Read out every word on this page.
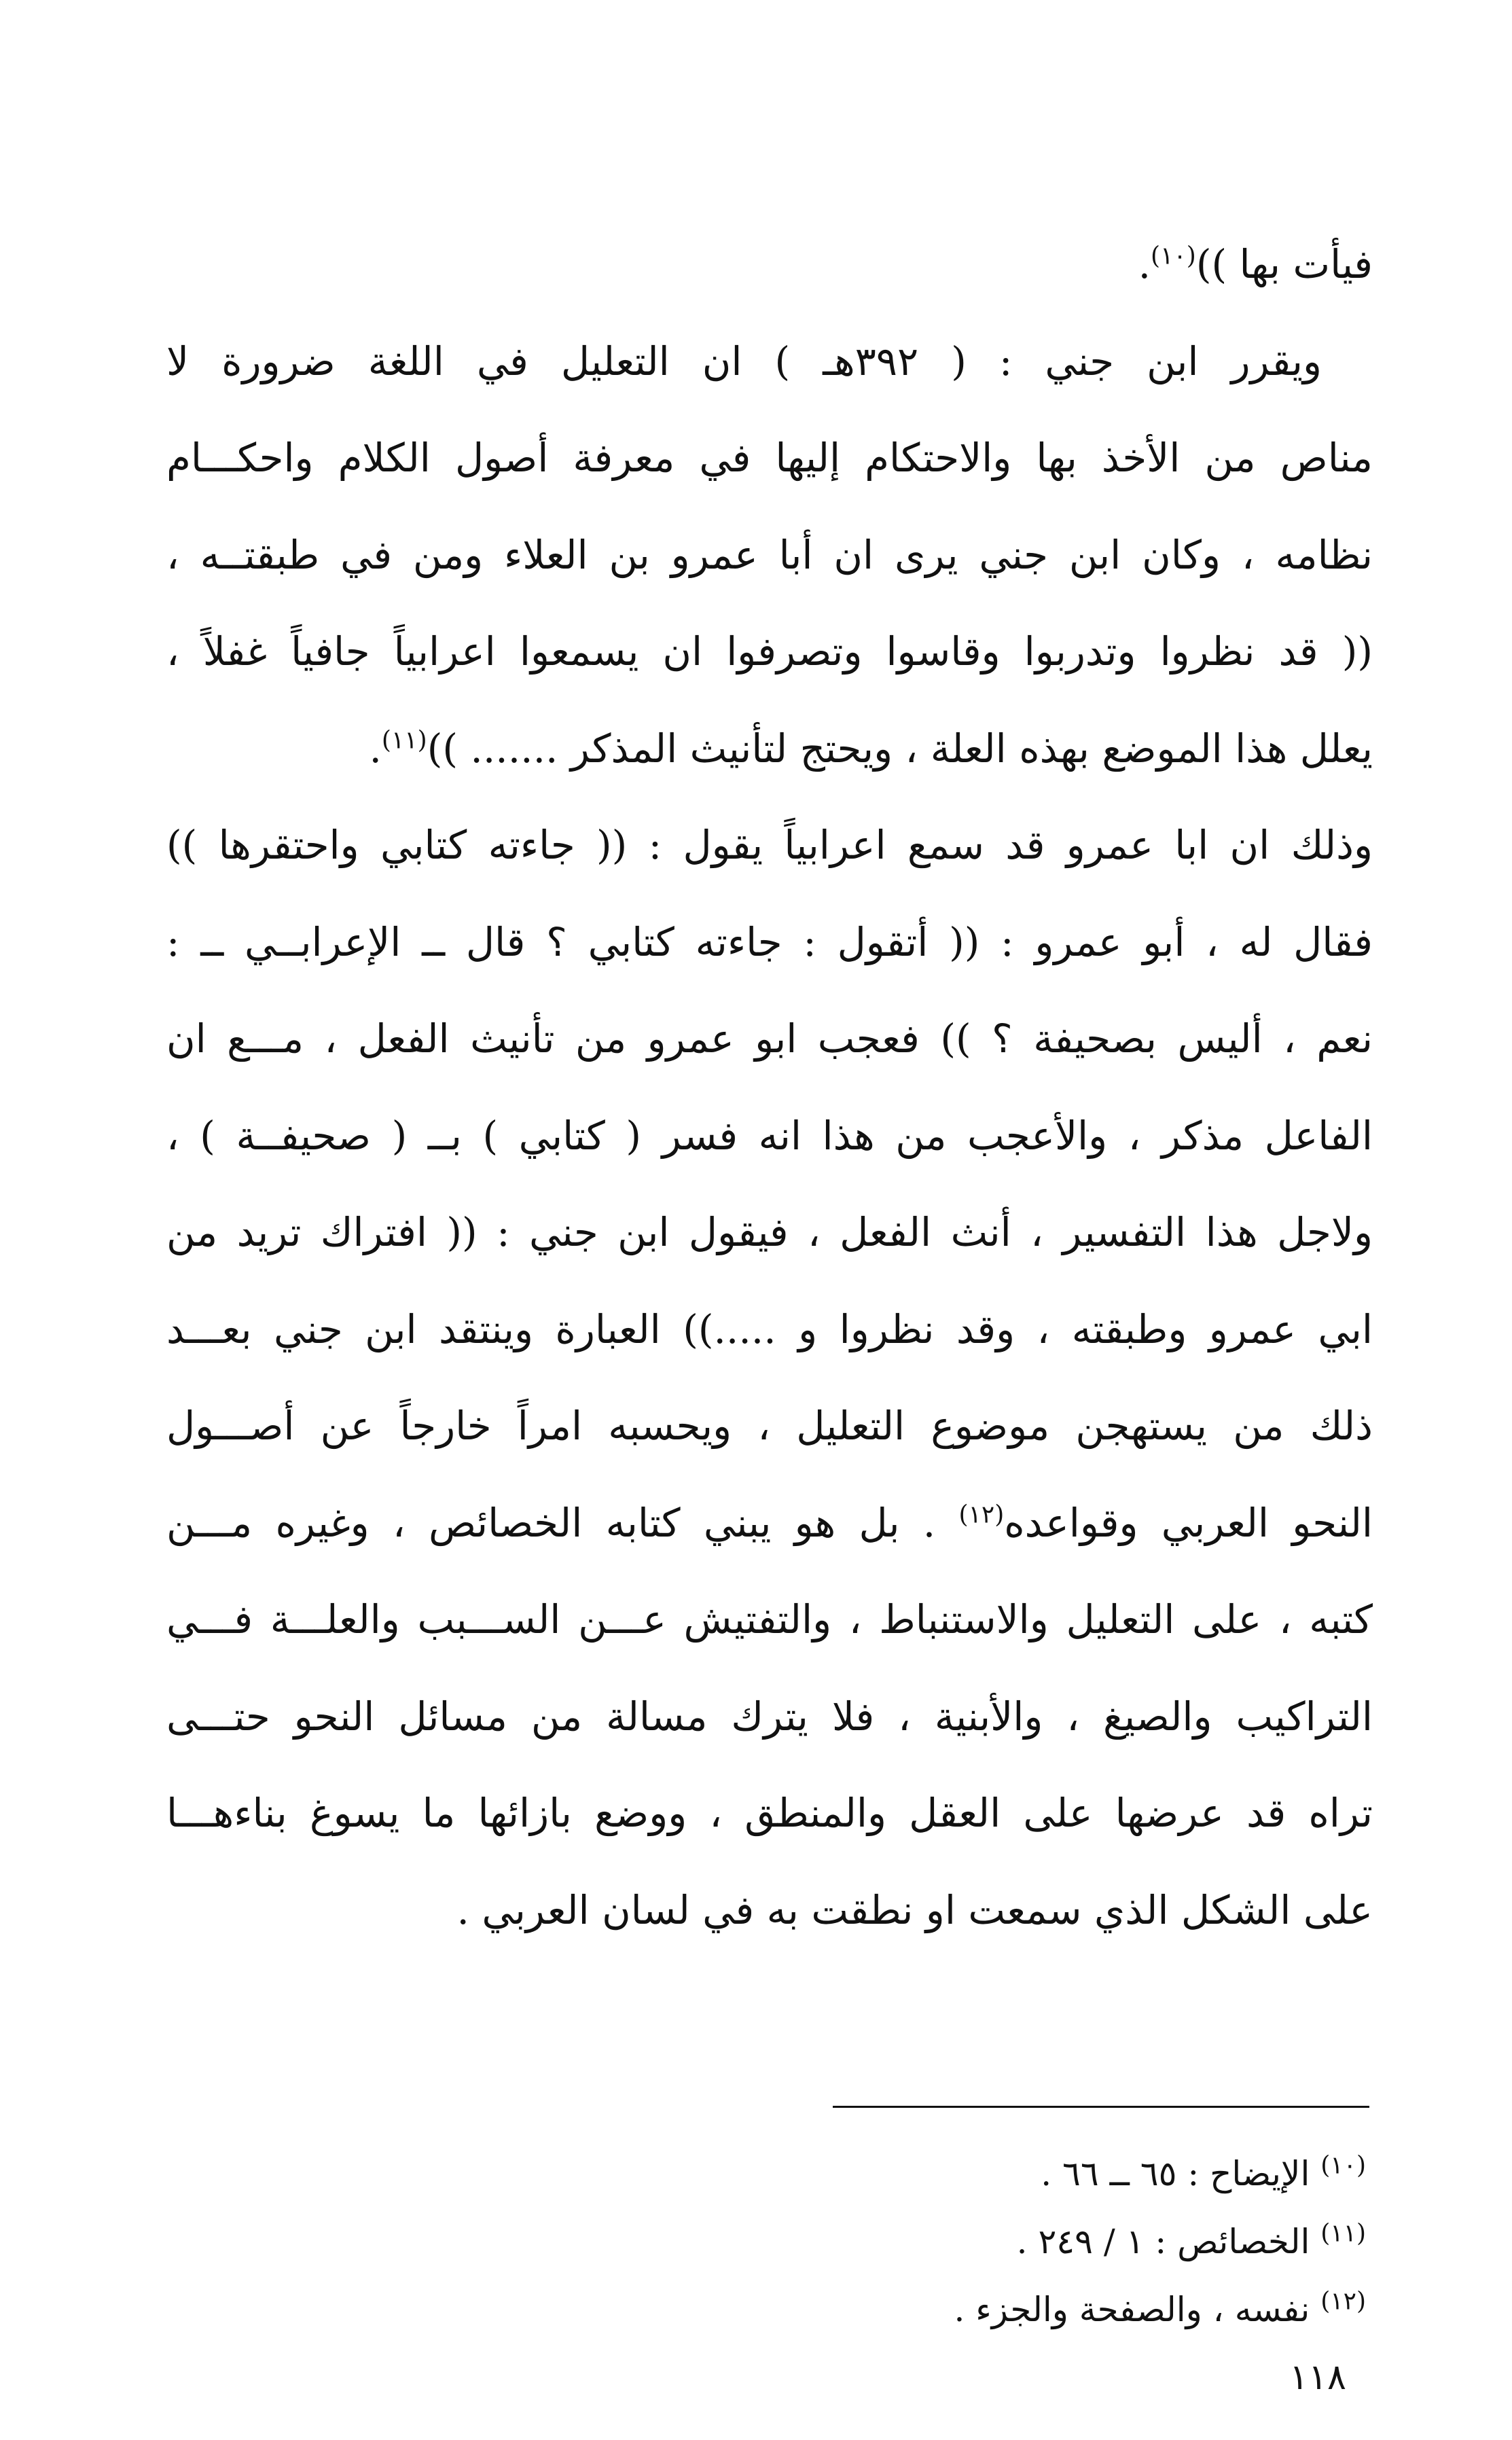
فيأت بها ))$^{(١٠)}$.
ويقرر ابن جني : ( ٣٩٢هـ ) ان التعليل في اللغة ضرورة لا
مناص من الأخذ بها والاحتكام إليها في معرفة أصول الكلام واحكـــام
نظامه ، وكان ابن جني يرى ان أبا عمرو بن العلاء ومن في طبقتــه ،
(( قد نظروا وتدربوا وقاسوا وتصرفوا ان يسمعوا اعرابياً جافياً غفلاً ،
يعلل هذا الموضع بهذه العلة ، ويحتج لتأنيث المذكر ....... ))$^{(١١)}$.
وذلك ان ابا عمرو قد سمع اعرابياً يقول : (( جاءته كتابي واحتقرها ))
فقال له ، أبو عمرو : (( أتقول : جاءته كتابي ؟ قال ــ الإعرابــي ــ :
نعم ، أليس بصحيفة ؟ )) فعجب ابو عمرو من تأنيث الفعل ، مـــع ان
الفاعل مذكر ، والأعجب من هذا انه فسر ( كتابي ) بــ ( صحيفــة ) ،
ولاجل هذا التفسير ، أنث الفعل ، فيقول ابن جني : (( افتراك تريد من
ابي عمرو وطبقته ، وقد نظروا و .....)) العبارة وينتقد ابن جني بعـــد
ذلك من يستهجن موضوع التعليل ، ويحسبه امراً خارجاً عن أصـــول
النحو العربي وقواعده$^{(١٢)}$ . بل هو يبني كتابه الخصائص ، وغيره مـــن
كتبه ، على التعليل والاستنباط ، والتفتيش عـــن الســـبب والعلـــة فـــي
التراكيب والصيغ ، والأبنية ، فلا يترك مسالة من مسائل النحو حتـــى
تراه قد عرضها على العقل والمنطق ، ووضع بازائها ما يسوغ بناءهـــا
على الشكل الذي سمعت او نطقت به في لسان العربي .
$^{(١٠)}$ الإيضاح : ٦٥ ــ ٦٦ .
$^{(١١)}$ الخصائص : ١ / ٢٤٩ .
$^{(١٢)}$ نفسه ، والصفحة والجزء .
١١٨
